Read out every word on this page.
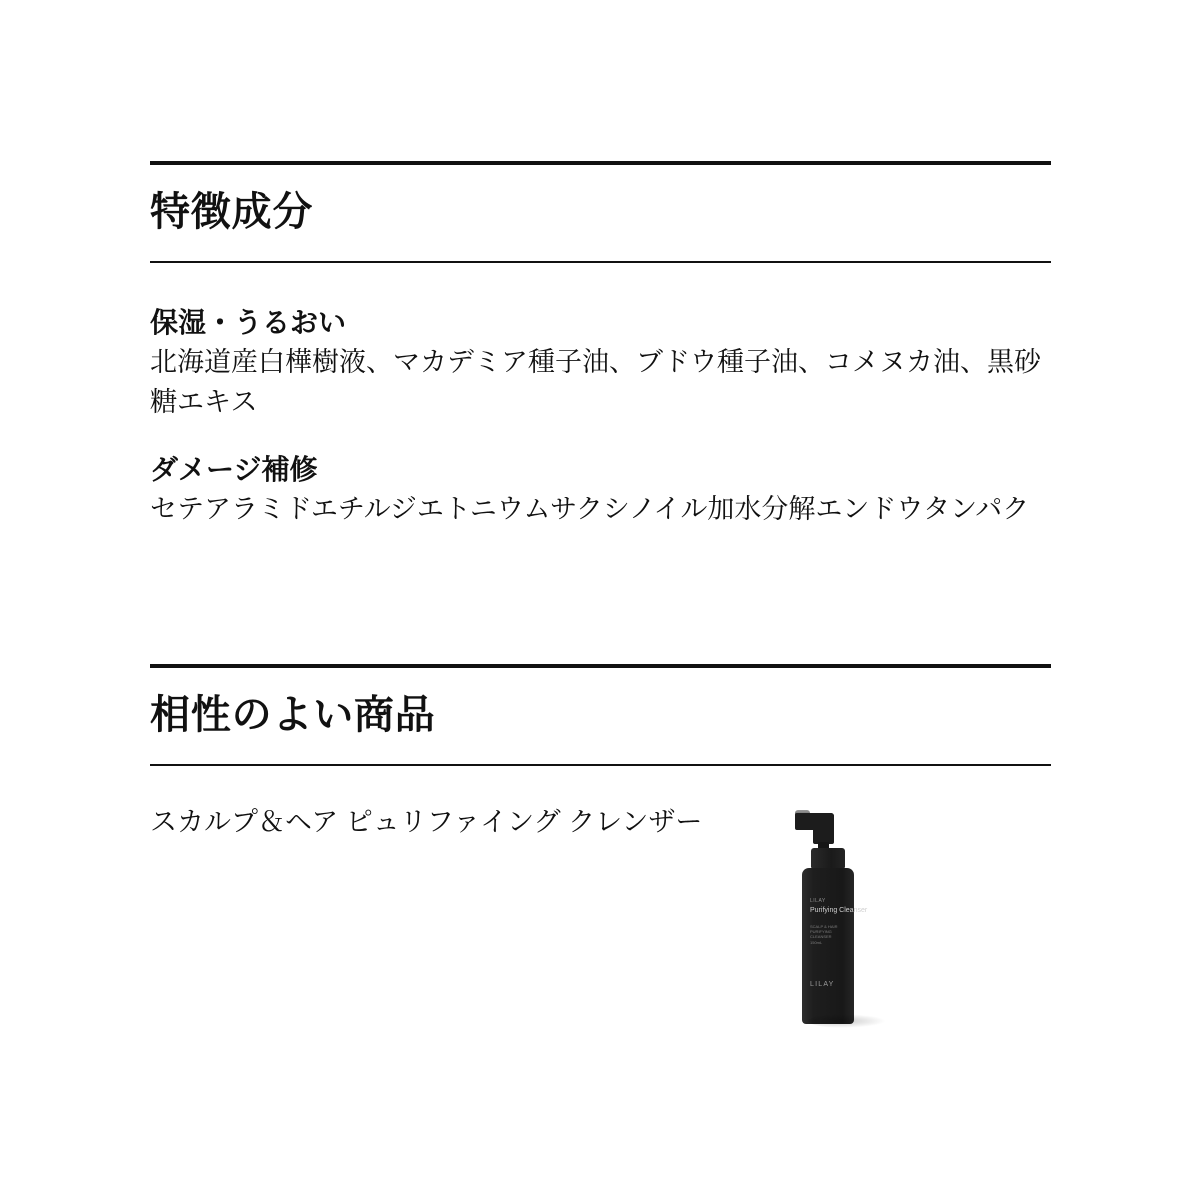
特徴成分
保湿・うるおい

北海道産白樺樹液、マカデミア種子油、ブドウ種子油、コメヌカ油、黒砂糖エキス

ダメージ補修

セテアラミドエチルジエトニウムサクシノイル加水分解エンドウタンパク

相性のよい商品

スカルプ＆ヘア ピュリファイング クレンザー

LILAY
Purifying Cleanser
SCALP & HAIR PURIFYING CLEANSER
150mL
LILAY
